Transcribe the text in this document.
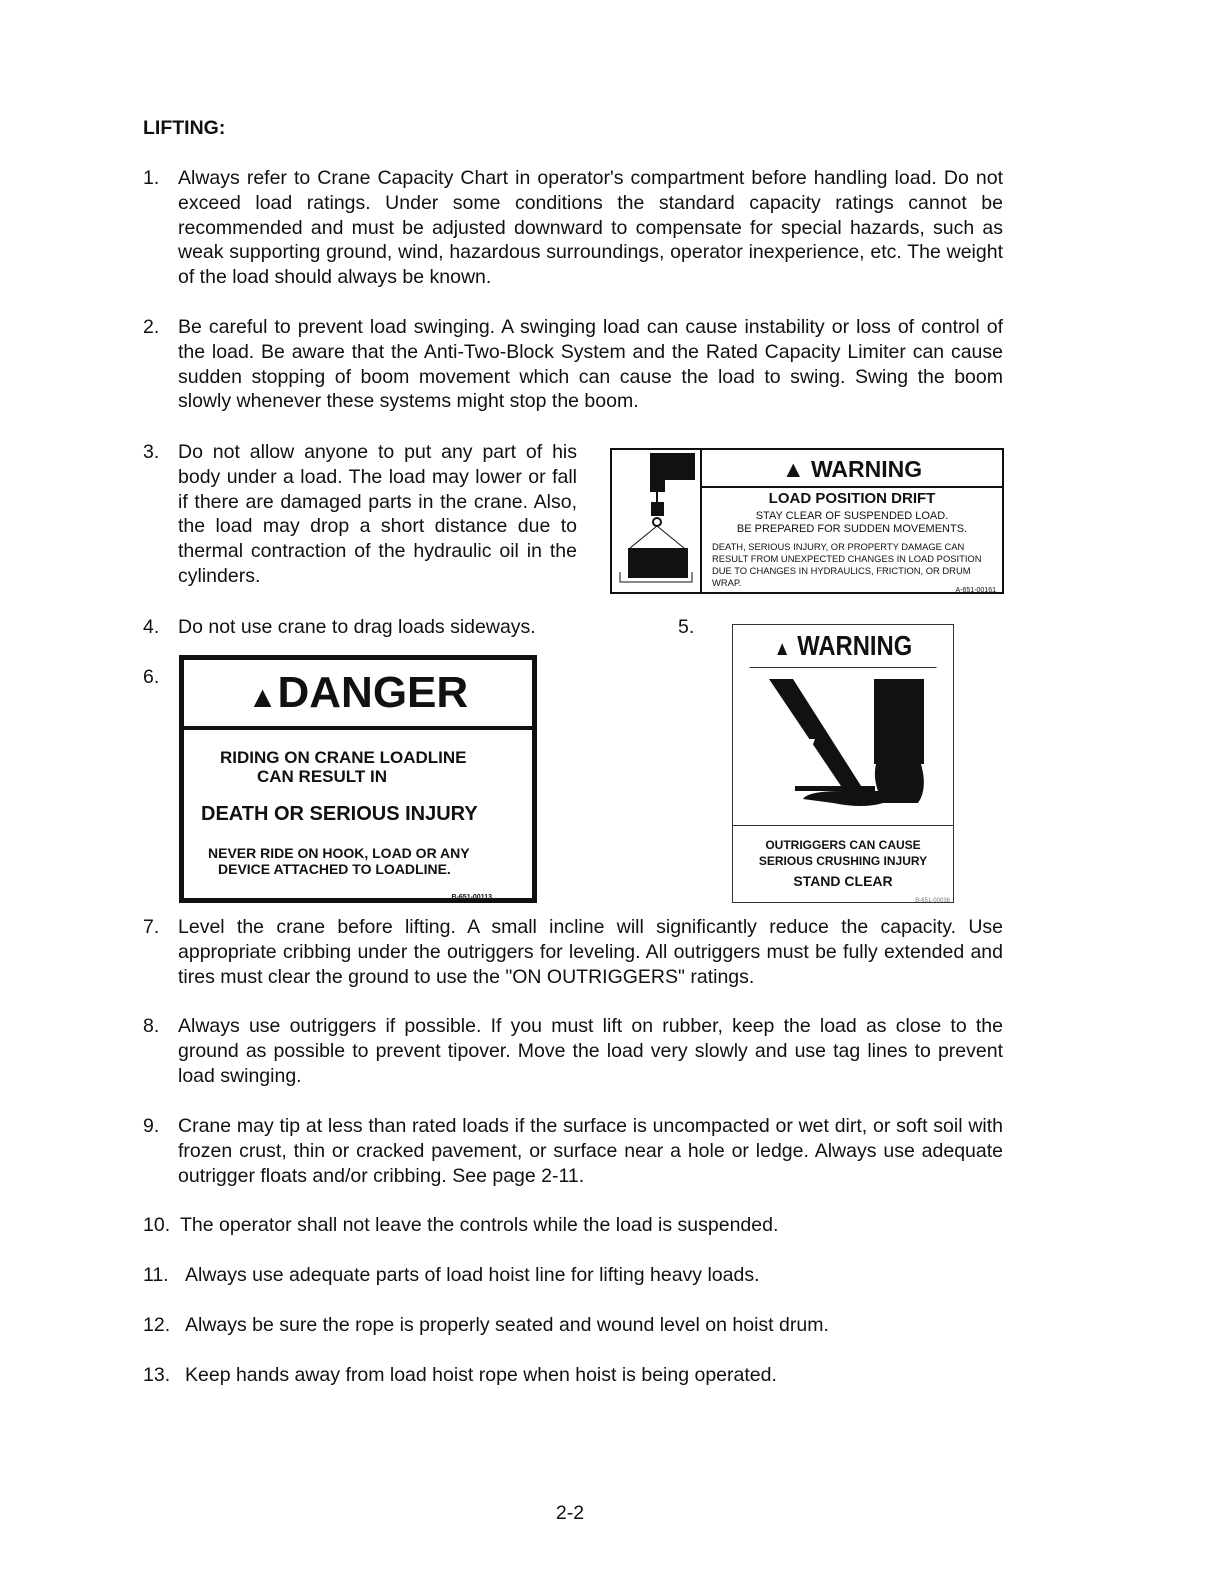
LIFTING:
1. Always refer to Crane Capacity Chart in operator's compartment before handling load. Do not exceed load ratings. Under some conditions the standard capacity ratings cannot be recommended and must be adjusted downward to compensate for special hazards, such as weak supporting ground, wind, hazardous surroundings, operator inexperience, etc. The weight of the load should always be known.
2. Be careful to prevent load swinging. A swinging load can cause instability or loss of control of the load. Be aware that the Anti-Two-Block System and the Rated Capacity Limiter can cause sudden stopping of boom movement which can cause the load to swing. Swing the boom slowly whenever these systems might stop the boom.
3. Do not allow anyone to put any part of his body under a load. The load may lower or fall if there are damaged parts in the crane. Also, the load may drop a short distance due to thermal contraction of the hydraulic oil in the cylinders.
4. Do not use crane to drag loads sideways.	5.
6.
▲ WARNING
LOAD POSITION DRIFT
STAY CLEAR OF SUSPENDED LOAD.
BE PREPARED FOR SUDDEN MOVEMENTS.
DEATH, SERIOUS INJURY, OR PROPERTY DAMAGE CAN RESULT FROM UNEXPECTED CHANGES IN LOAD POSITION DUE TO CHANGES IN HYDRAULICS, FRICTION, OR DRUM WRAP.
A-651-00161
▲DANGER
RIDING ON CRANE LOADLINE
CAN RESULT IN
DEATH OR SERIOUS INJURY
NEVER RIDE ON HOOK, LOAD OR ANY
DEVICE ATTACHED TO LOADLINE.
B-651-00113
▲ WARNING
OUTRIGGERS CAN CAUSE
SERIOUS CRUSHING INJURY
STAND CLEAR
B-651-00036
7. Level the crane before lifting. A small incline will significantly reduce the capacity. Use appropriate cribbing under the outriggers for leveling. All outriggers must be fully extended and tires must clear the ground to use the "ON OUTRIGGERS" ratings.
8. Always use outriggers if possible. If you must lift on rubber, keep the load as close to the ground as possible to prevent tipover. Move the load very slowly and use tag lines to prevent load swinging.
9. Crane may tip at less than rated loads if the surface is uncompacted or wet dirt, or soft soil with frozen crust, thin or cracked pavement, or surface near a hole or ledge. Always use adequate outrigger floats and/or cribbing. See page 2-11.
10. The operator shall not leave the controls while the load is suspended.
11. Always use adequate parts of load hoist line for lifting heavy loads.
12. Always be sure the rope is properly seated and wound level on hoist drum.
13. Keep hands away from load hoist rope when hoist is being operated.
2-2
